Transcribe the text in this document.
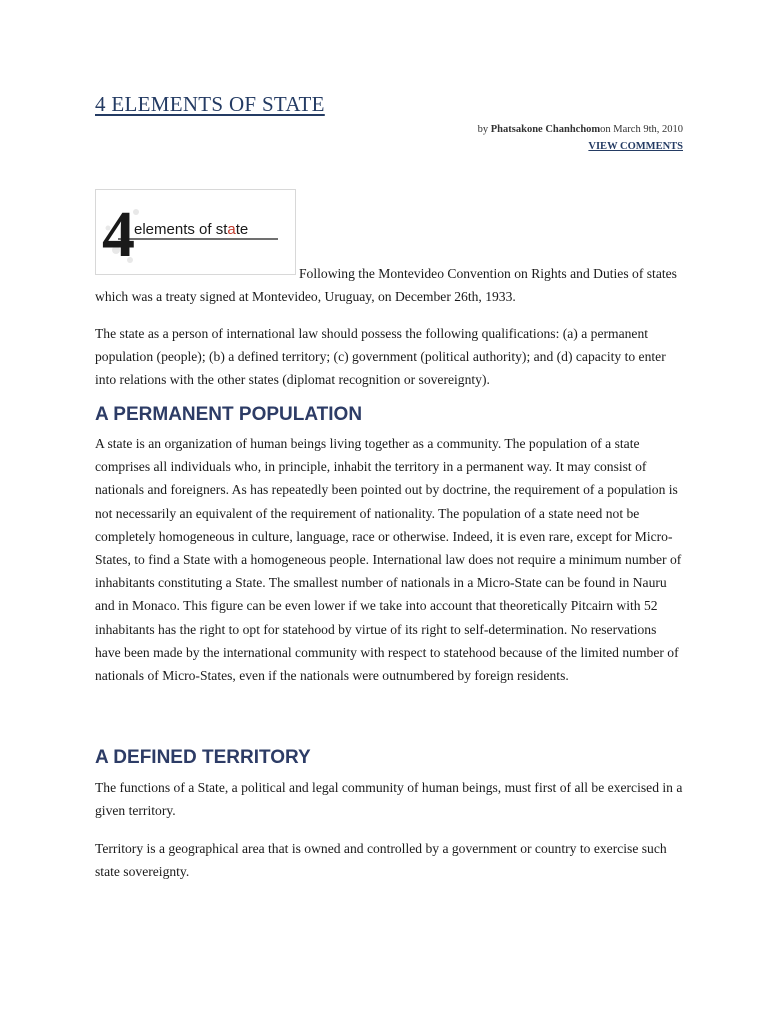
4 ELEMENTS OF STATE
by Phatsakone Chanhchomon March 9th, 2010
VIEW COMMENTS
4 elements of state

Following the Montevideo Convention on Rights and Duties of states which was a treaty signed at Montevideo, Uruguay, on December 26th, 1933.

The state as a person of international law should possess the following qualifications: (a) a permanent population (people); (b) a defined territory; (c) government (political authority); and (d) capacity to enter into relations with the other states (diplomat recognition or sovereignty).

A PERMANENT POPULATION

A state is an organization of human beings living together as a community. The population of a state comprises all individuals who, in principle, inhabit the territory in a permanent way. It may consist of nationals and foreigners. As has repeatedly been pointed out by doctrine, the requirement of a population is not necessarily an equivalent of the requirement of nationality. The population of a state need not be completely homogeneous in culture, language, race or otherwise. Indeed, it is even rare, except for Micro-States, to find a State with a homogeneous people. International law does not require a minimum number of inhabitants constituting a State. The smallest number of nationals in a Micro-State can be found in Nauru and in Monaco. This figure can be even lower if we take into account that theoretically Pitcairn with 52 inhabitants has the right to opt for statehood by virtue of its right to self-determination. No reservations have been made by the international community with respect to statehood because of the limited number of nationals of Micro-States, even if the nationals were outnumbered by foreign residents.

A DEFINED TERRITORY

The functions of a State, a political and legal community of human beings, must first of all be exercised in a given territory.

Territory is a geographical area that is owned and controlled by a government or country to exercise such state sovereignty.
